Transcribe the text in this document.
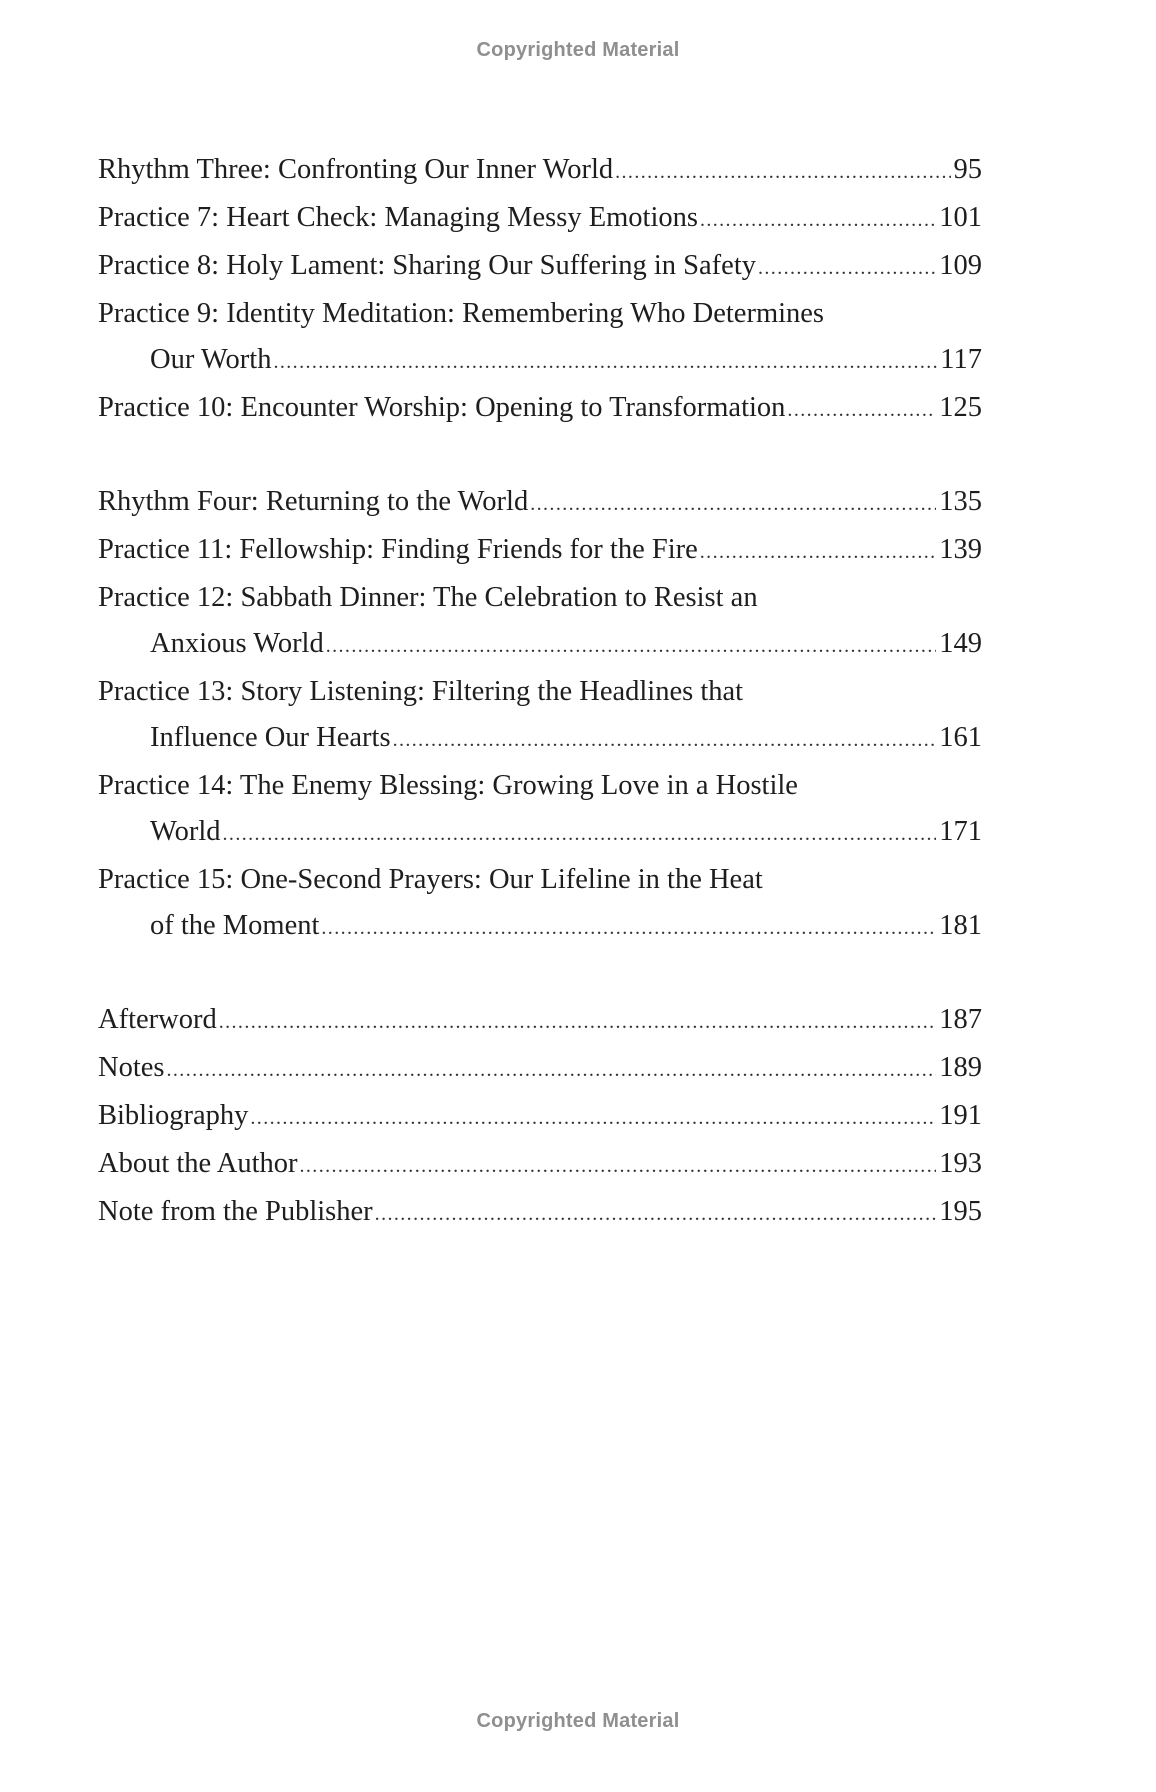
Copyrighted Material
Rhythm Three: Confronting Our Inner World .....	95
Practice 7: Heart Check: Managing Messy Emotions .....	101
Practice 8: Holy Lament: Sharing Our Suffering in Safety .....	109
Practice 9: Identity Meditation: Remembering Who Determines
Our Worth .....	117
Practice 10: Encounter Worship: Opening to Transformation .....	125
Rhythm Four: Returning to the World .....	135
Practice 11: Fellowship: Finding Friends for the Fire .....	139
Practice 12: Sabbath Dinner: The Celebration to Resist an
Anxious World .....	149
Practice 13: Story Listening: Filtering the Headlines that
Influence Our Hearts .....	161
Practice 14: The Enemy Blessing: Growing Love in a Hostile
World .....	171
Practice 15: One-Second Prayers: Our Lifeline in the Heat
of the Moment .....	181
Afterword .....	187
Notes .....	189
Bibliography .....	191
About the Author .....	193
Note from the Publisher .....	195
Copyrighted Material
